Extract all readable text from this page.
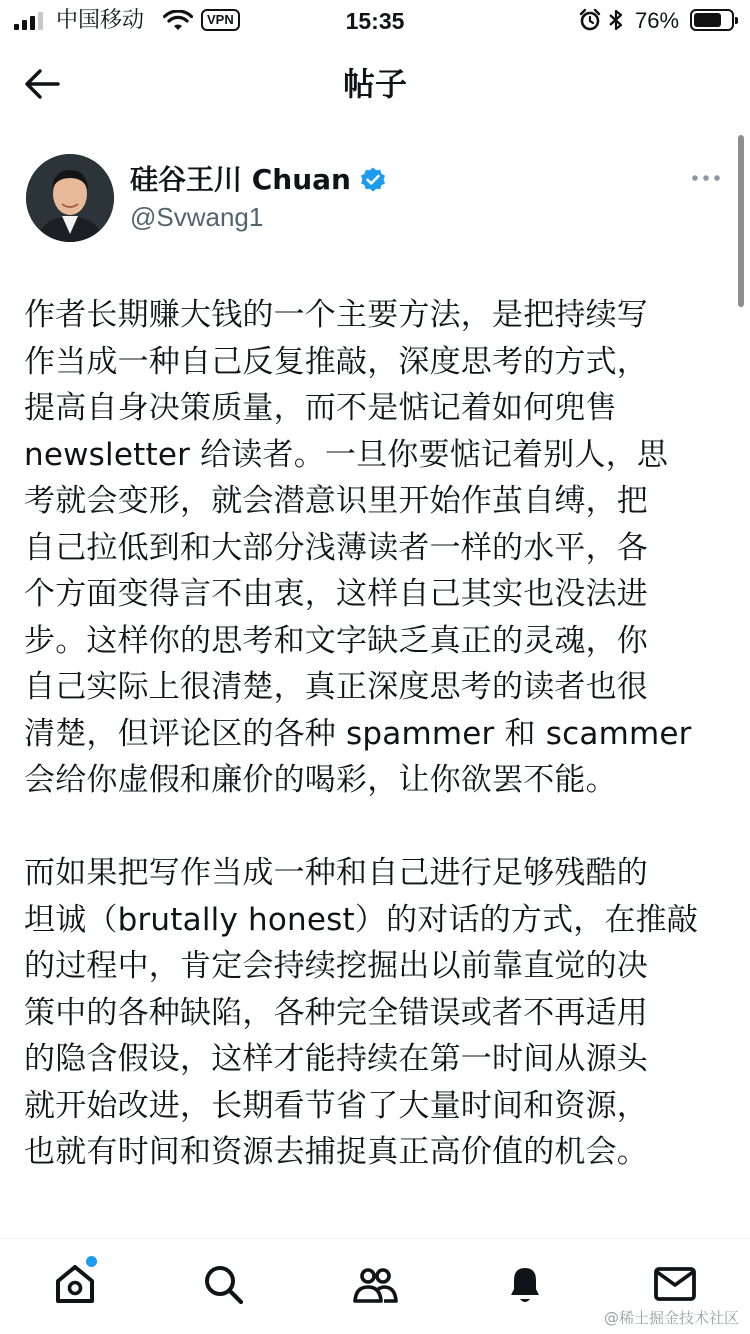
中国移动	VPN	15:35	76%
帖子
硅谷王川 Chuan
@Svwang1
作者长期赚大钱的一个主要方法，是把持续写
作当成一种自己反复推敲，深度思考的方式，
提高自身决策质量，而不是惦记着如何兜售
newsletter 给读者。一旦你要惦记着别人，思
考就会变形，就会潜意识里开始作茧自缚，把
自己拉低到和大部分浅薄读者一样的水平，各
个方面变得言不由衷，这样自己其实也没法进
步。这样你的思考和文字缺乏真正的灵魂，你
自己实际上很清楚，真正深度思考的读者也很
清楚，但评论区的各种 spammer 和 scammer
会给你虚假和廉价的喝彩，让你欲罢不能。

而如果把写作当成一种和自己进行足够残酷的
坦诚（brutally honest）的对话的方式，在推敲
的过程中，肯定会持续挖掘出以前靠直觉的决
策中的各种缺陷，各种完全错误或者不再适用
的隐含假设，这样才能持续在第一时间从源头
就开始改进，长期看节省了大量时间和资源，
也就有时间和资源去捕捉真正高价值的机会。
@稀土掘金技术社区
